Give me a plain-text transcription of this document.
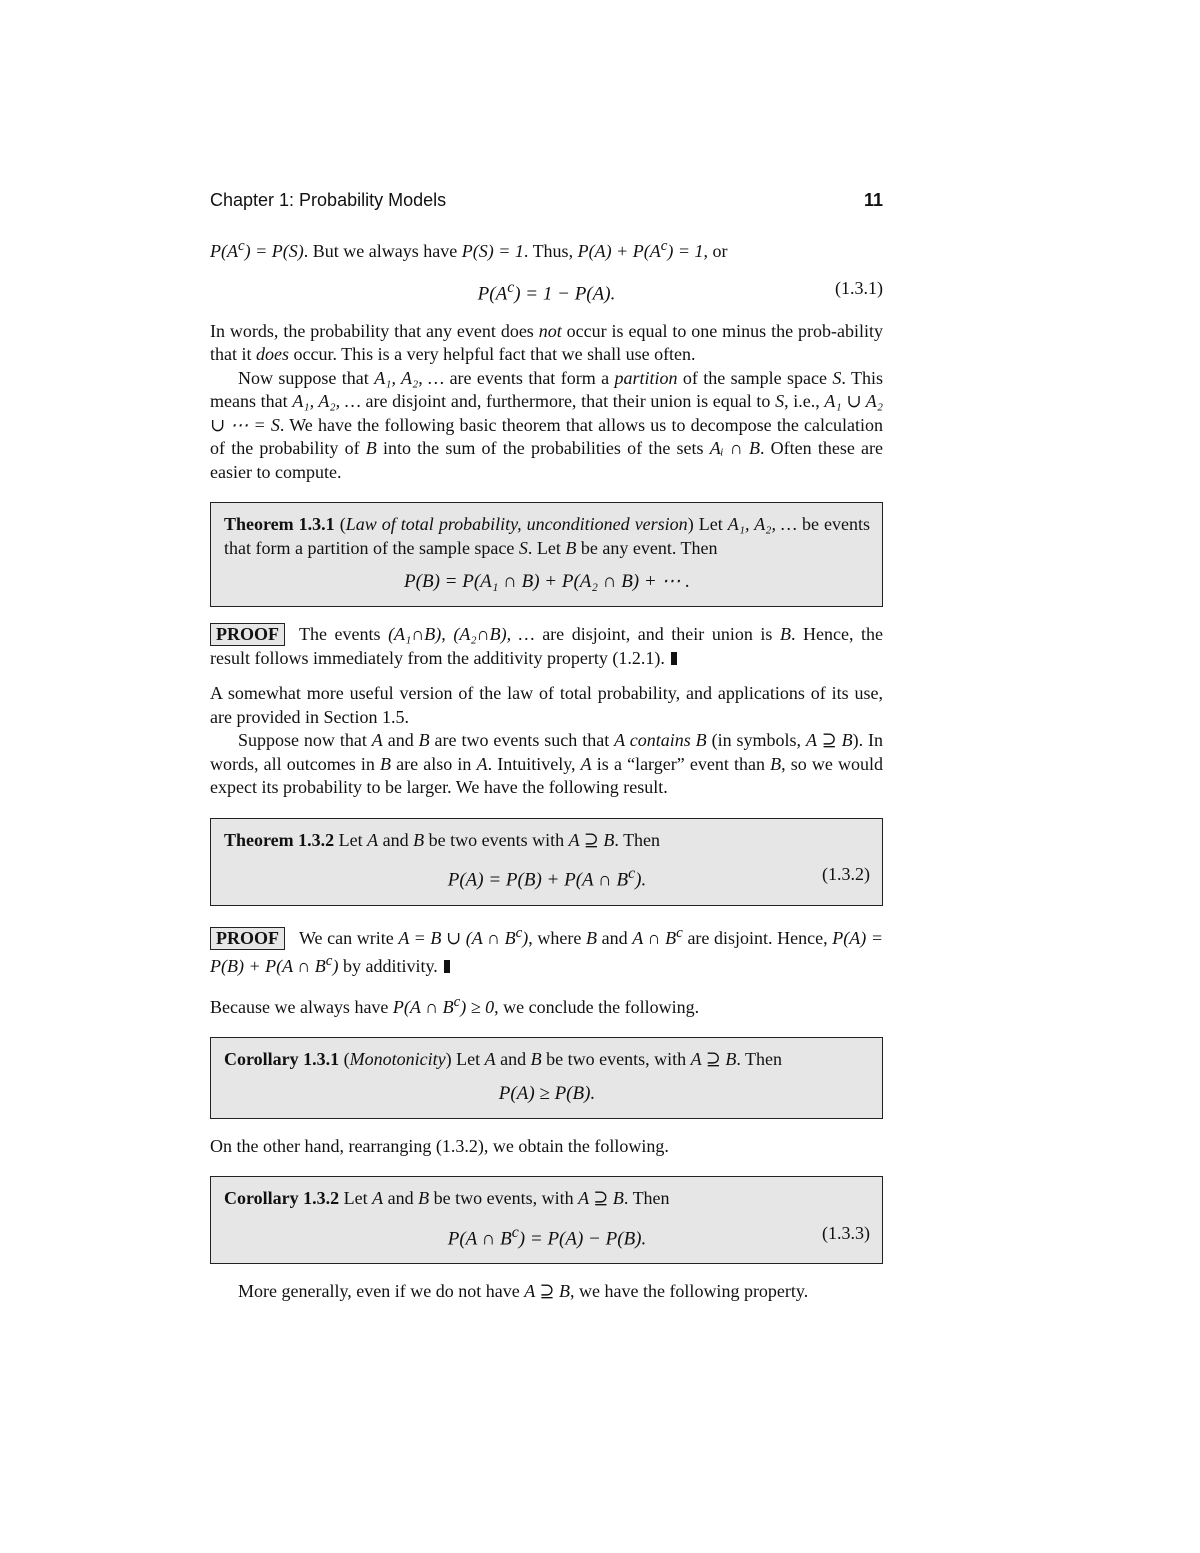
Chapter 1: Probability Models	11

$P(A^c) = P(S)$. But we always have P(S) = 1. Thus, $P(A) + P(A^c) = 1$, or

$P(A^c) = 1 - P(A)$.	(1.3.1)

In words, the probability that any event does not occur is equal to one minus the prob-ability that it does occur. This is a very helpful fact that we shall use often.

Now suppose that A₁, A₂, … are events that form a partition of the sample space S. This means that A₁, A₂, … are disjoint and, furthermore, that their union is equal to S, i.e., A₁ ∪ A₂ ∪ ⋯ = S. We have the following basic theorem that allows us to decompose the calculation of the probability of B into the sum of the probabilities of the sets Aᵢ ∩ B. Often these are easier to compute.

Theorem 1.3.1 (Law of total probability, unconditioned version) Let A₁, A₂, … be events that form a partition of the sample space S. Let B be any event. Then

P(B) = P(A₁ ∩ B) + P(A₂ ∩ B) + ⋯ .

PROOF The events (A₁∩B), (A₂∩B), … are disjoint, and their union is B. Hence, the result follows immediately from the additivity property (1.2.1).

A somewhat more useful version of the law of total probability, and applications of its use, are provided in Section 1.5.

Suppose now that A and B are two events such that A contains B (in symbols, A ⊇ B). In words, all outcomes in B are also in A. Intuitively, A is a “larger” event than B, so we would expect its probability to be larger. We have the following result.

Theorem 1.3.2 Let A and B be two events with A ⊇ B. Then

P(A) = P(B) + P(A ∩ $B^c$).	(1.3.2)

PROOF We can write A = B ∪ (A ∩ $B^c$), where B and A ∩ $B^c$ are disjoint. Hence, P(A) = P(B) + P(A ∩ $B^c$) by additivity.

Because we always have P(A ∩ $B^c) \ge 0$, we conclude the following.

Corollary 1.3.1 (Monotonicity) Let A and B be two events, with A ⊇ B. Then

P(A) ≥ P(B).

On the other hand, rearranging (1.3.2), we obtain the following.

Corollary 1.3.2 Let A and B be two events, with A ⊇ B. Then

P(A ∩ $B^c) = P(A) - P(B)$.	(1.3.3)

More generally, even if we do not have A ⊇ B, we have the following property.
